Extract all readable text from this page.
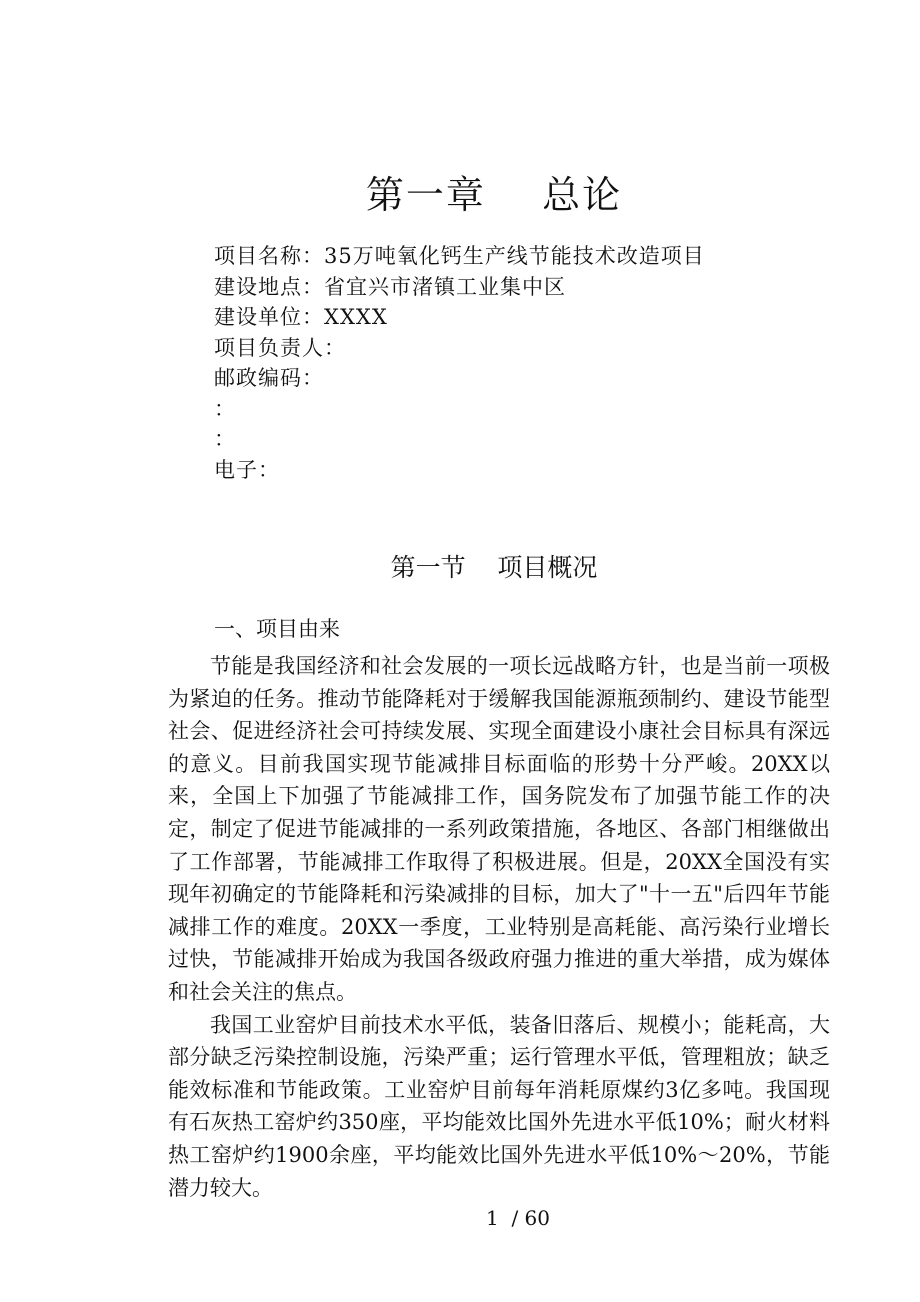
第一章    总论
项目名称：35万吨氧化钙生产线节能技术改造项目
建设地点：省宜兴市渚镇工业集中区
建设单位：XXXX
项目负责人：
邮政编码：
：
：
电子：
第一节    项目概况
一、项目由来

节能是我国经济和社会发展的一项长远战略方针，也是当前一项极为紧迫的任务。推动节能降耗对于缓解我国能源瓶颈制约、建设节能型社会、促进经济社会可持续发展、实现全面建设小康社会目标具有深远的意义。目前我国实现节能减排目标面临的形势十分严峻。20XX以来，全国上下加强了节能减排工作，国务院发布了加强节能工作的决定，制定了促进节能减排的一系列政策措施，各地区、各部门相继做出了工作部署，节能减排工作取得了积极进展。但是，20XX全国没有实现年初确定的节能降耗和污染减排的目标，加大了"十一五"后四年节能减排工作的难度。20XX一季度，工业特别是高耗能、高污染行业增长过快，节能减排开始成为我国各级政府强力推进的重大举措，成为媒体和社会关注的焦点。

我国工业窑炉目前技术水平低，装备旧落后、规模小；能耗高，大部分缺乏污染控制设施，污染严重；运行管理水平低，管理粗放；缺乏能效标准和节能政策。工业窑炉目前每年消耗原煤约3亿多吨。我国现有石灰热工窑炉约350座，平均能效比国外先进水平低10%；耐火材料热工窑炉约1900余座，平均能效比国外先进水平低10%～20%，节能潜力较大。

1  / 60
